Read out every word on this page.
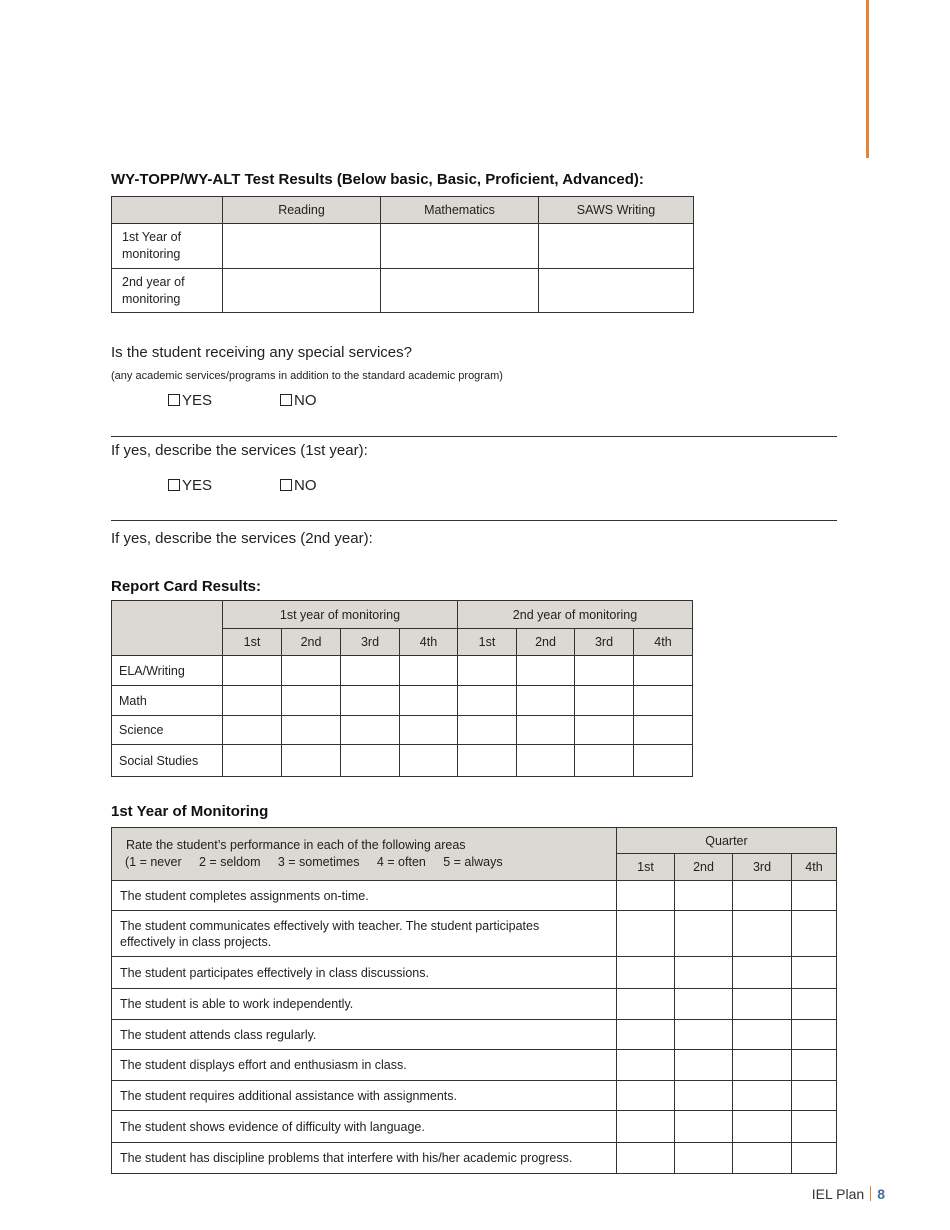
WY-TOPP/WY-ALT Test Results (Below basic, Basic, Proficient, Advanced):
	Reading	Mathematics	SAWS Writing
1st Year of monitoring			
2nd year of monitoring			
Is the student receiving any special services?
(any academic services/programs in addition to the standard academic program)
YES	NO
If yes, describe the services (1st year):
YES	NO
If yes, describe the services (2nd year):
Report Card Results:
	1st year of monitoring				2nd year of monitoring			
	1st	2nd	3rd	4th	1st	2nd	3rd	4th
ELA/Writing								
Math								
Science								
Social Studies								
1st Year of Monitoring
Rate the student’s performance in each of the following areas
(1 = never     2 = seldom     3 = sometimes     4 = often     5 = always	Quarter			
	1st	2nd	3rd	4th
The student completes assignments on-time.				
The student communicates effectively with teacher. The student participates effectively in class projects.				
The student participates effectively in class discussions.				
The student is able to work independently.				
The student attends class regularly.				
The student displays effort and enthusiasm in class.				
The student requires additional assistance with assignments.				
The student shows evidence of difficulty with language.				
The student has discipline problems that interfere with his/her academic progress.				
IEL Plan 8
